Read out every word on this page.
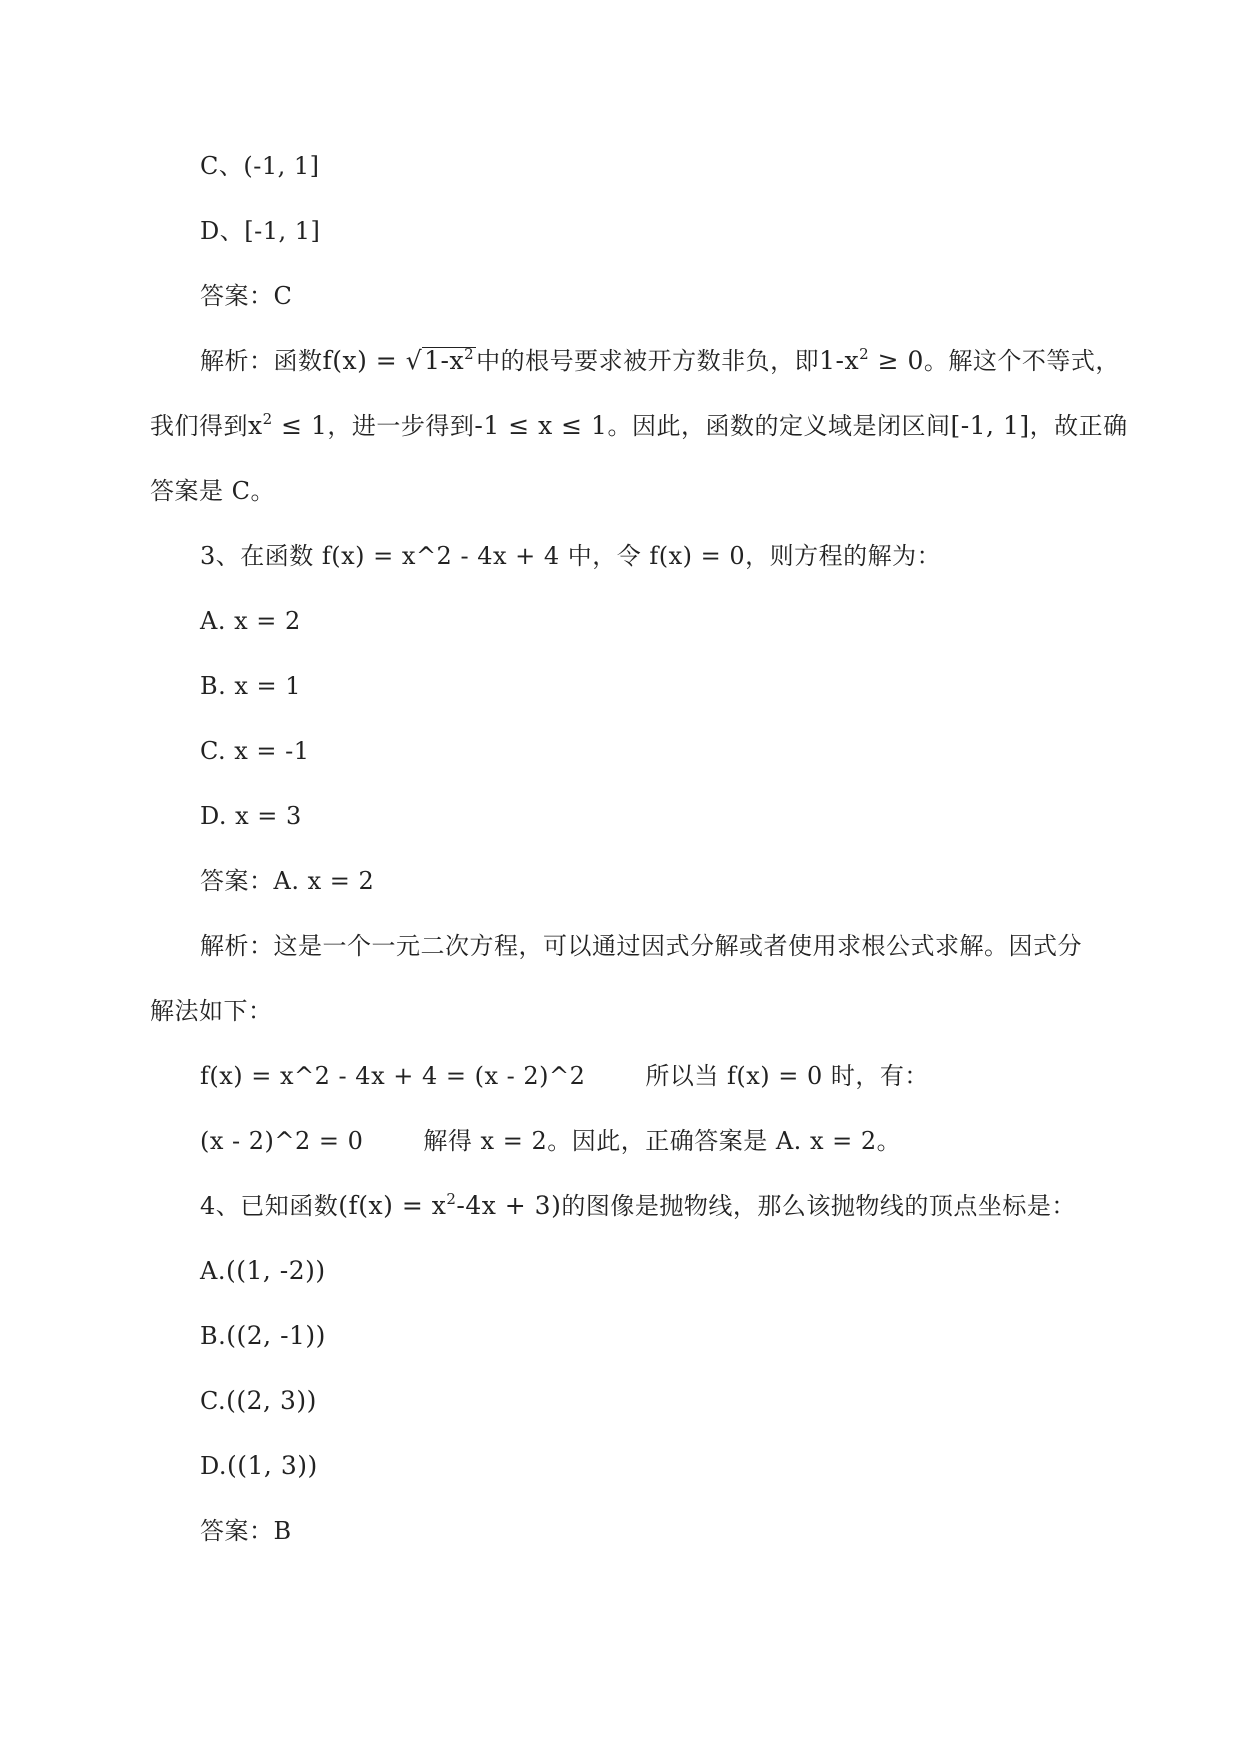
C、(-1, 1]
D、[-1, 1]
答案：C
解析：函数$f(x) = √1-x^2$中的根号要求被开方数非负，即$1-x^2 \ge 0$。解这个不等式，
我们得到$x^2 \le 1$，进一步得到-1 ≤ x ≤ 1。因此，函数的定义域是闭区间[-1, 1]，故正确
答案是 C。
3、在函数 f(x) = x^2 - 4x + 4 中，令 f(x) = 0，则方程的解为：
A. x = 2
B. x = 1
C. x = -1
D. x = 3
答案：A. x = 2
解析：这是一个一元二次方程，可以通过因式分解或者使用求根公式求解。因式分
解法如下：
f(x) = x^2 - 4x + 4 = (x - 2)^2	所以当 f(x) = 0 时，有：
(x - 2)^2 = 0	解得 x = 2。因此，正确答案是 A. x = 2。
4、已知函数$(f(x) = x^2-4x + 3)$的图像是抛物线，那么该抛物线的顶点坐标是：
A.((1, -2))
B.((2, -1))
C.((2, 3))
D.((1, 3))
答案：B
